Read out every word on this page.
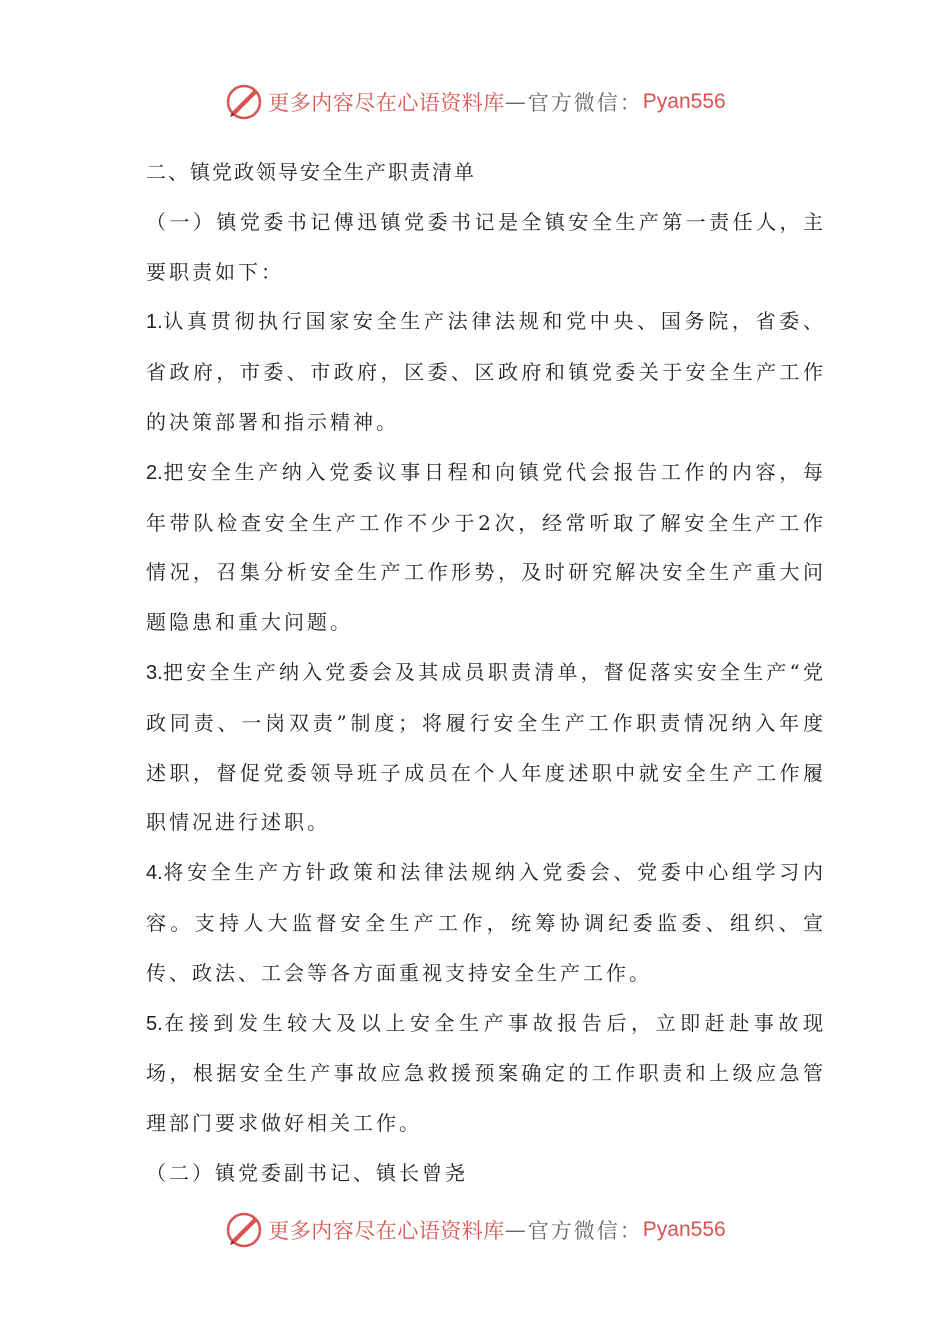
更多内容尽在心语资料库 — 官方微信： Pyan556

二、镇党政领导安全生产职责清单

（一）镇党委书记傅迅镇党委书记是全镇安全生产第一责任人，主要职责如下：

1.认真贯彻执行国家安全生产法律法规和党中央、国务院，省委、省政府，市委、市政府，区委、区政府和镇党委关于安全生产工作的决策部署和指示精神。

2.把安全生产纳入党委议事日程和向镇党代会报告工作的内容，每年带队检查安全生产工作不少于2次，经常听取了解安全生产工作情况，召集分析安全生产工作形势，及时研究解决安全生产重大问题隐患和重大问题。

3.把安全生产纳入党委会及其成员职责清单，督促落实安全生产“党政同责、一岗双责”制度；将履行安全生产工作职责情况纳入年度述职，督促党委领导班子成员在个人年度述职中就安全生产工作履职情况进行述职。

4.将安全生产方针政策和法律法规纳入党委会、党委中心组学习内容。支持人大监督安全生产工作，统筹协调纪委监委、组织、宣传、政法、工会等各方面重视支持安全生产工作。

5.在接到发生较大及以上安全生产事故报告后，立即赶赴事故现场，根据安全生产事故应急救援预案确定的工作职责和上级应急管理部门要求做好相关工作。

（二）镇党委副书记、镇长曾尧

更多内容尽在心语资料库 — 官方微信： Pyan556
